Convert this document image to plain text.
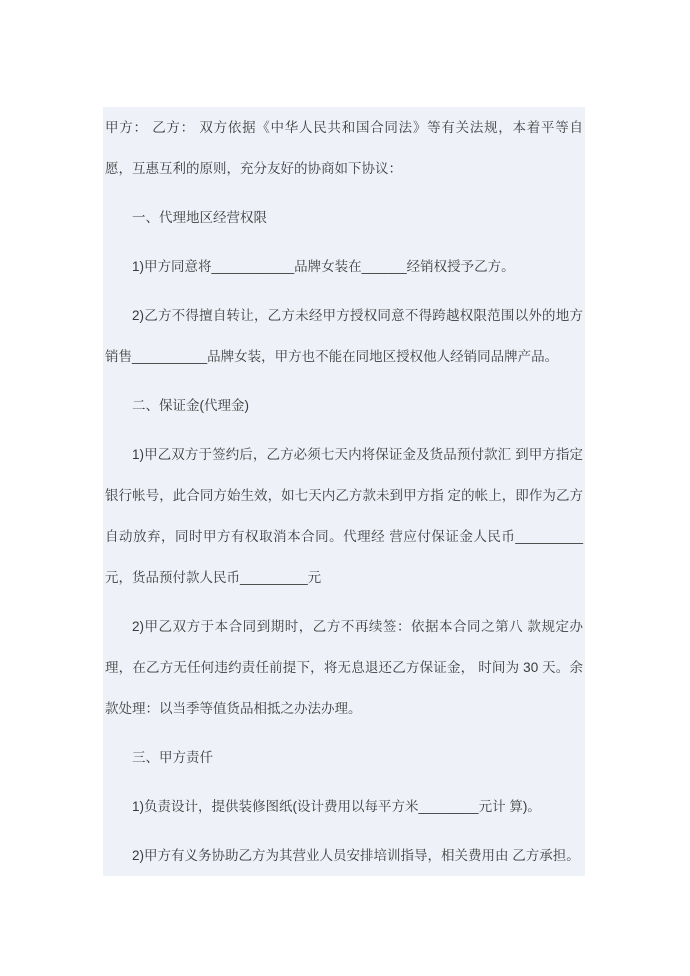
甲方： 乙方： 双方依据《中华人民共和国合同法》等有关法规，本着平等自愿，互惠互利的原则，充分友好的协商如下协议：

一、代理地区经营权限

1)甲方同意将___________品牌女装在______经销权授予乙方。

2)乙方不得擅自转让，乙方未经甲方授权同意不得跨越权限范围以外的地方销售__________品牌女装，甲方也不能在同地区授权他人经销同品牌产品。

二、保证金(代理金)

1)甲乙双方于签约后，乙方必须七天内将保证金及货品预付款汇 到甲方指定银行帐号，此合同方始生效，如七天内乙方款未到甲方指 定的帐上，即作为乙方自动放弃，同时甲方有权取消本合同。代理经 营应付保证金人民币_________元，货品预付款人民币_________元

2)甲乙双方于本合同到期时，乙方不再续签：依据本合同之第八 款规定办理，在乙方无任何违约责任前提下，将无息退还乙方保证金， 时间为 30 天。余款处理：以当季等值货品相抵之办法办理。

三、甲方责仟

1)负责设计，提供装修图纸(设计费用以每平方米________元计 算)。

2)甲方有义务协助乙方为其营业人员安排培训指导，相关费用由 乙方承担。
